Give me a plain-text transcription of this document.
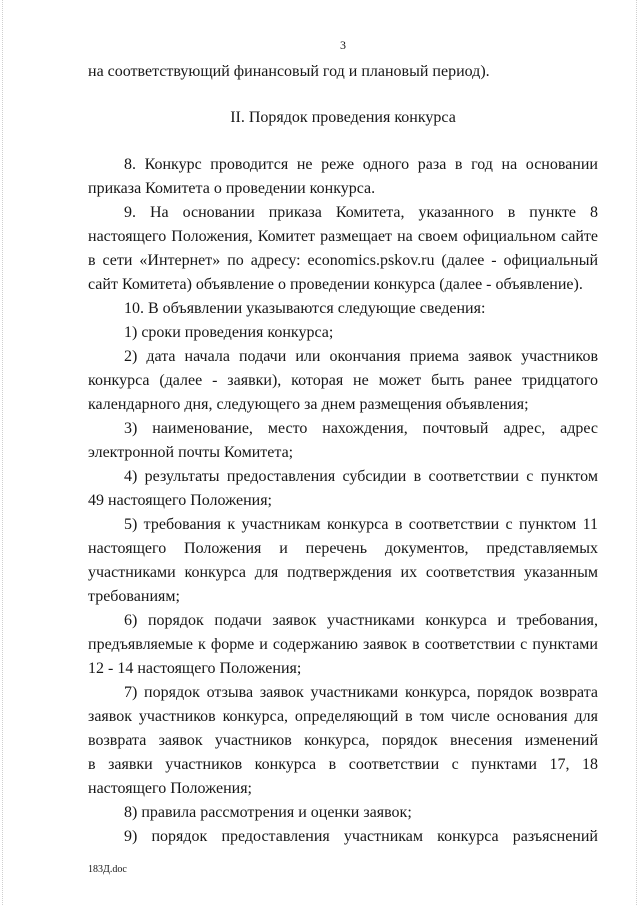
3
на соответствующий финансовый год и плановый период).
II. Порядок проведения конкурса
8. Конкурс проводится не реже одного раза в год на основании
приказа Комитета о проведении конкурса.
9. На основании приказа Комитета, указанного в пункте 8
настоящего Положения, Комитет размещает на своем официальном сайте
в сети «Интернет» по адресу: economics.pskov.ru (далее - официальный
сайт Комитета) объявление о проведении конкурса (далее - объявление).
10. В объявлении указываются следующие сведения:
1) сроки проведения конкурса;
2) дата начала подачи или окончания приема заявок участников
конкурса (далее - заявки), которая не может быть ранее тридцатого
календарного дня, следующего за днем размещения объявления;
3) наименование, место нахождения, почтовый адрес, адрес
электронной почты Комитета;
4) результаты предоставления субсидии в соответствии с пунктом
49 настоящего Положения;
5) требования к участникам конкурса в соответствии с пунктом 11
настоящего Положения и перечень документов, представляемых
участниками конкурса для подтверждения их соответствия указанным
требованиям;
6) порядок подачи заявок участниками конкурса и требования,
предъявляемые к форме и содержанию заявок в соответствии с пунктами
12 - 14 настоящего Положения;
7) порядок отзыва заявок участниками конкурса, порядок возврата
заявок участников конкурса, определяющий в том числе основания для
возврата заявок участников конкурса, порядок внесения изменений
в заявки участников конкурса в соответствии с пунктами 17, 18
настоящего Положения;
8) правила рассмотрения и оценки заявок;
9) порядок предоставления участникам конкурса разъяснений
183Д.doc
